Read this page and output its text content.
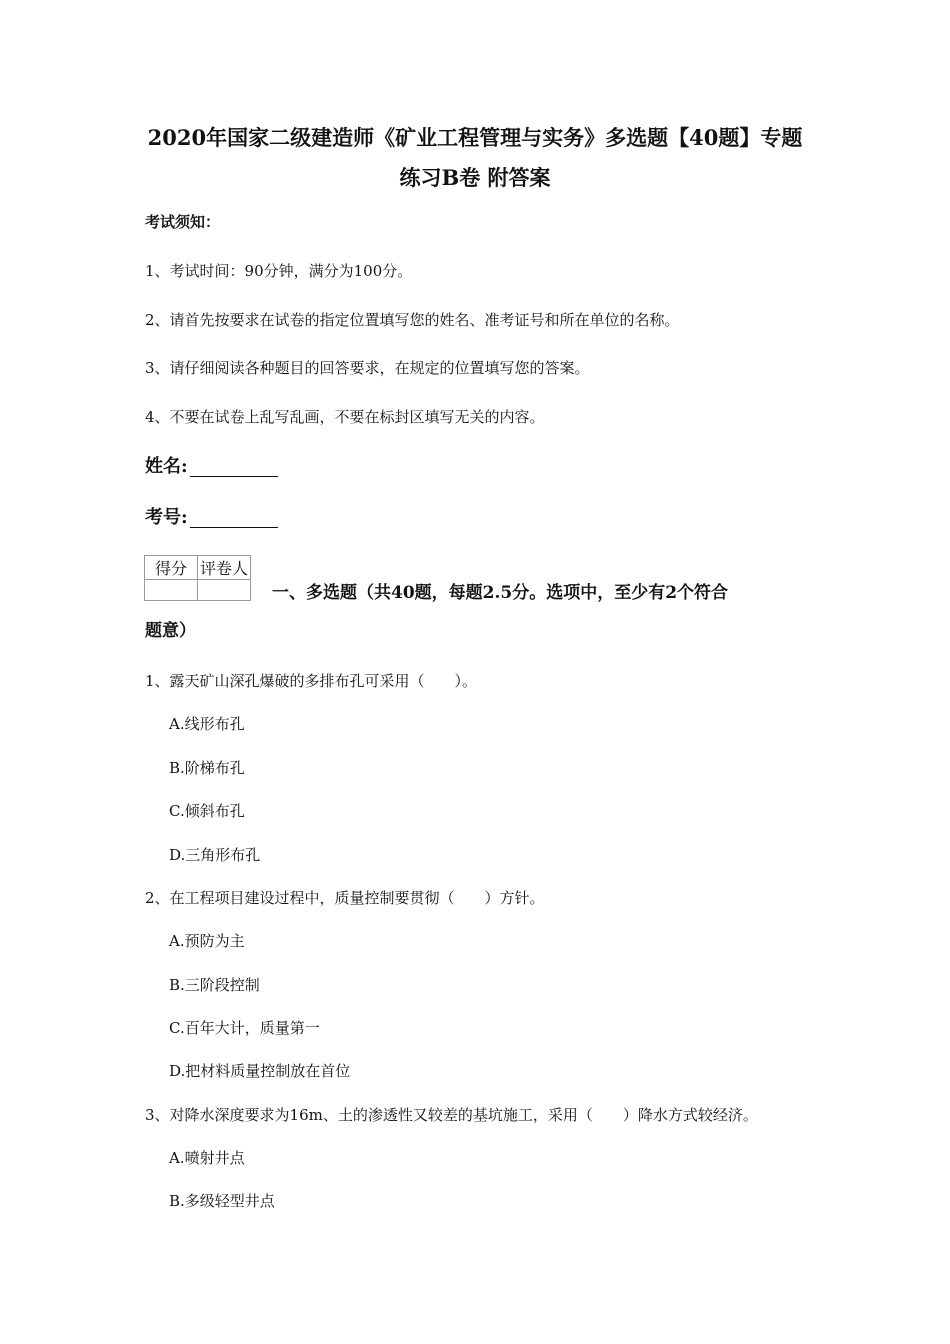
2020年国家二级建造师《矿业工程管理与实务》多选题【40题】专题练习B卷 附答案
考试须知：
1、考试时间：90分钟，满分为100分。
2、请首先按要求在试卷的指定位置填写您的姓名、准考证号和所在单位的名称。
3、请仔细阅读各种题目的回答要求，在规定的位置填写您的答案。
4、不要在试卷上乱写乱画，不要在标封区填写无关的内容。
姓名:
考号:
得分	评卷人

一、多选题（共40题，每题2.5分。选项中，至少有2个符合
题意）
1、露天矿山深孔爆破的多排布孔可采用（　　）。
A.线形布孔
B.阶梯布孔
C.倾斜布孔
D.三角形布孔
2、在工程项目建设过程中，质量控制要贯彻（　　）方针。
A.预防为主
B.三阶段控制
C.百年大计，质量第一
D.把材料质量控制放在首位
3、对降水深度要求为16m、土的渗透性又较差的基坑施工，采用（　　）降水方式较经济。
A.喷射井点
B.多级轻型井点
